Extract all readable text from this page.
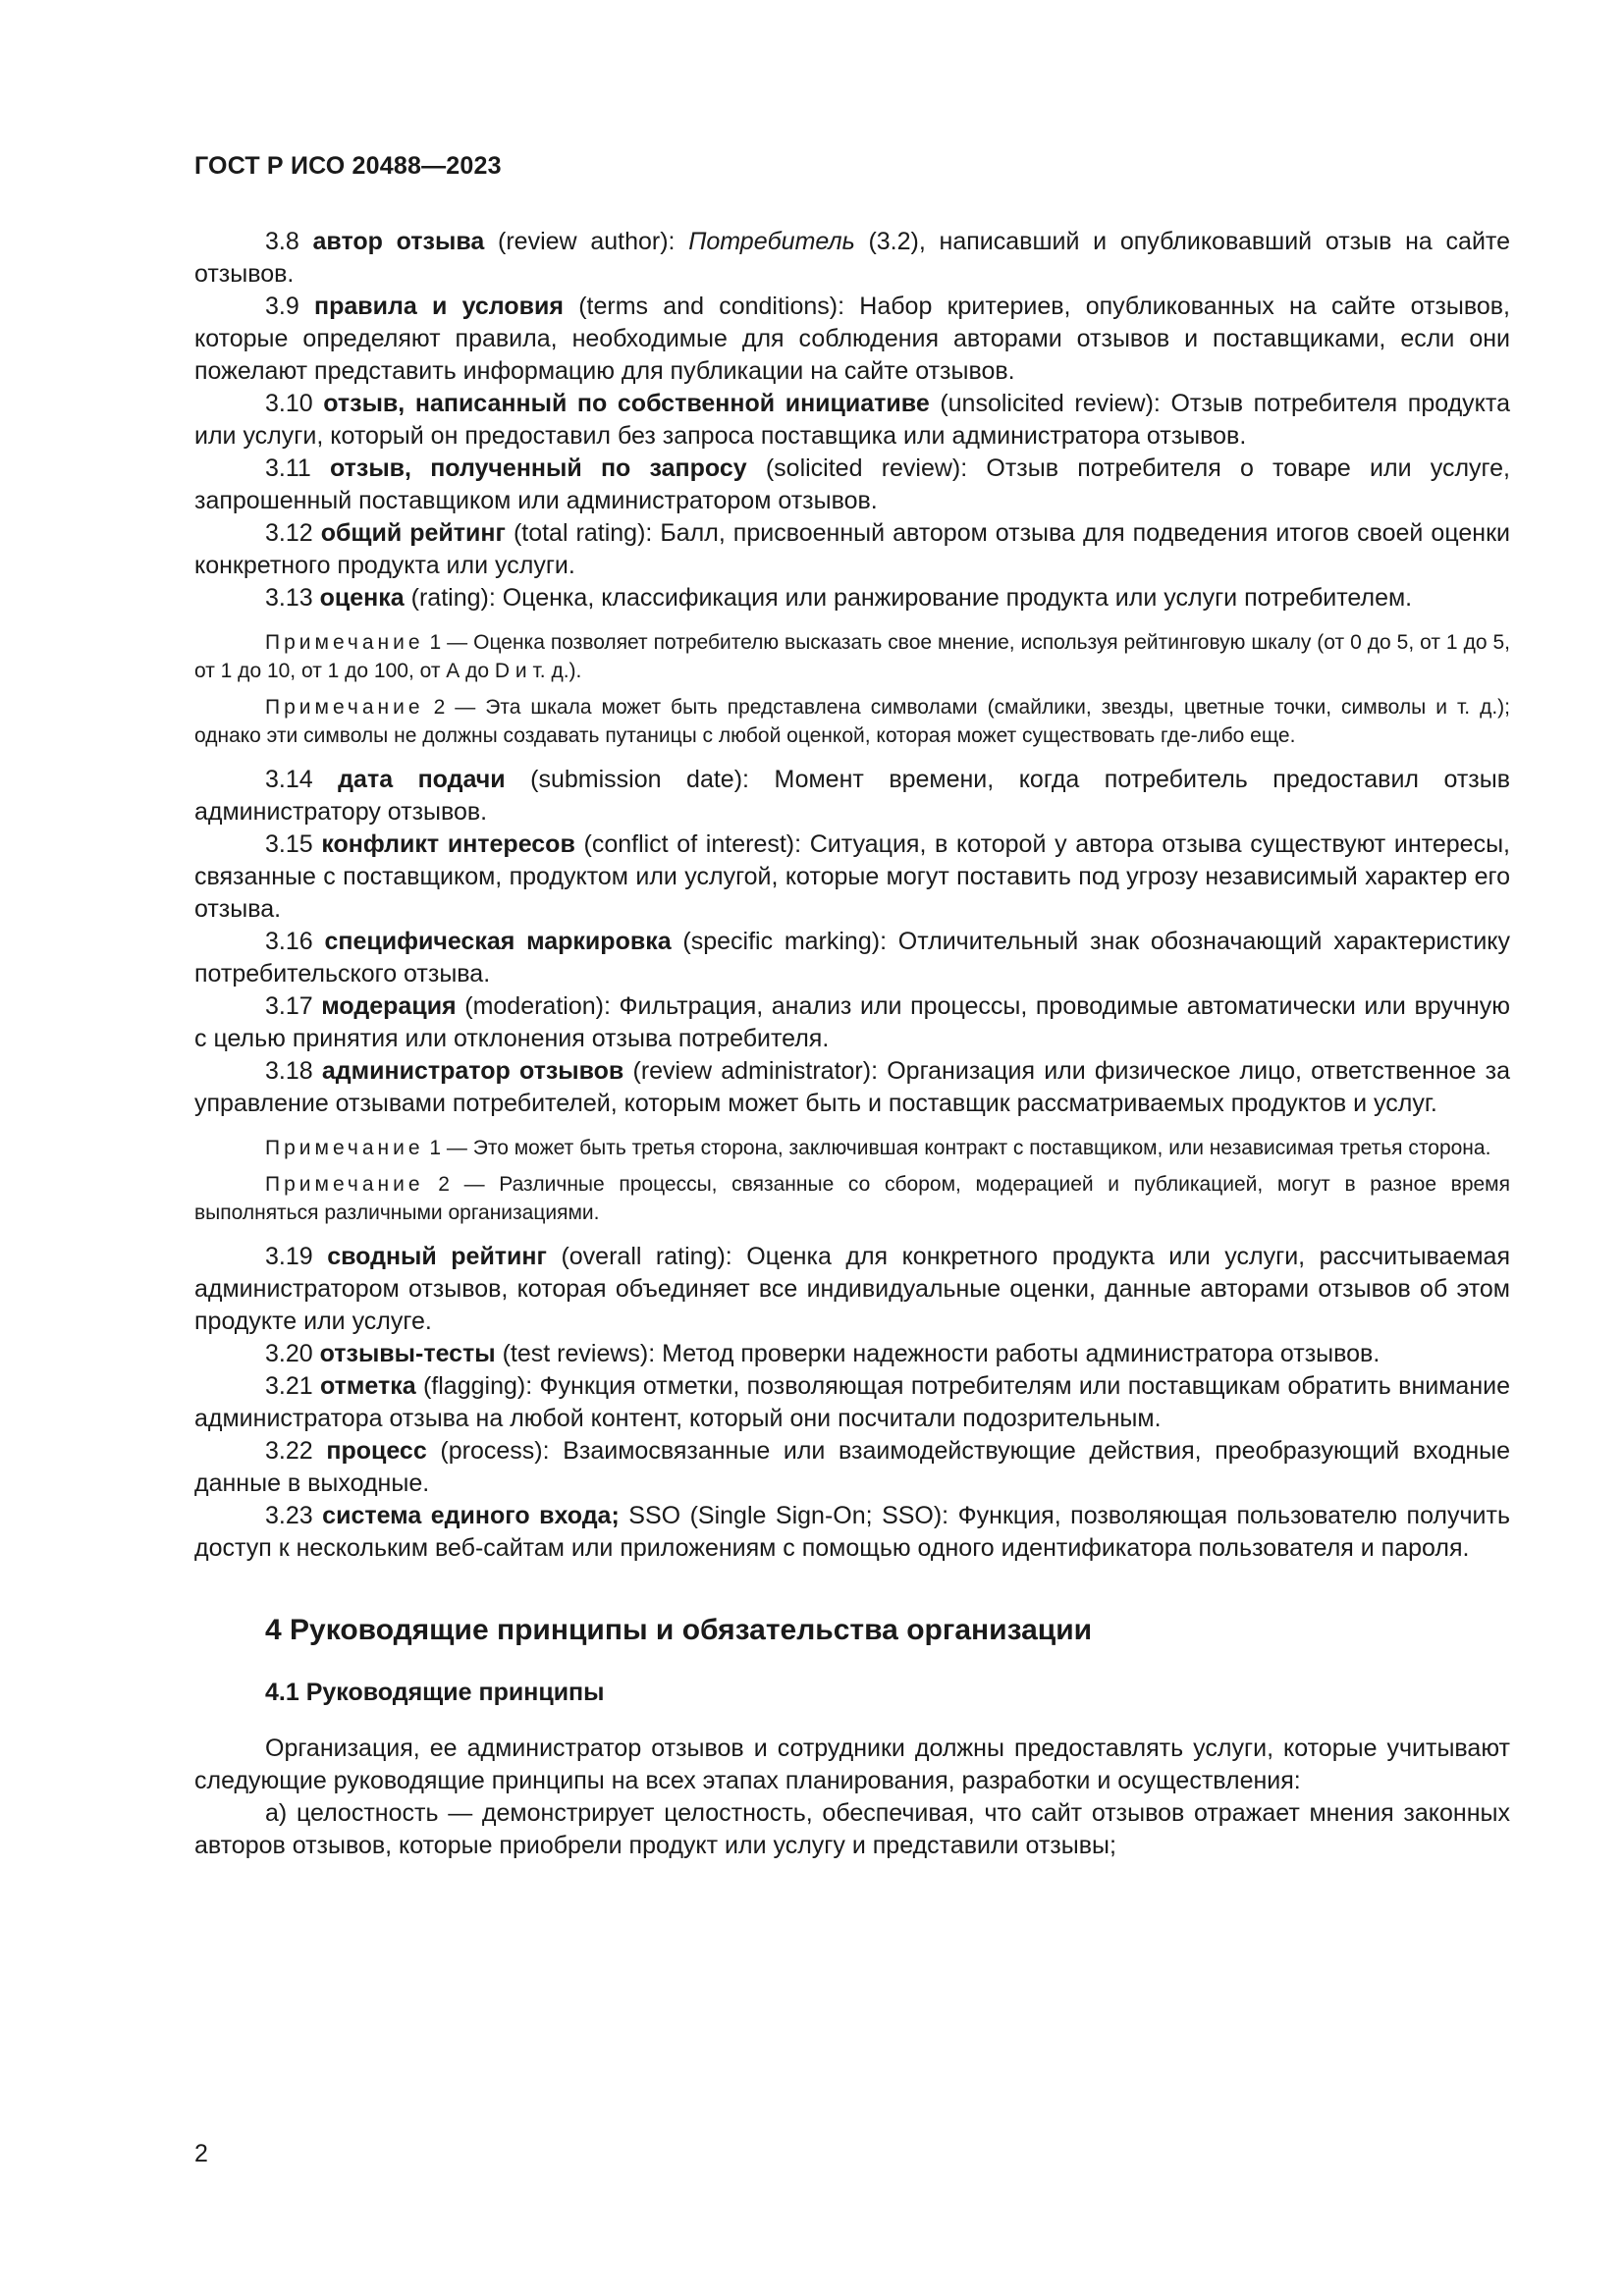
ГОСТ Р ИСО 20488—2023

3.8 автор отзыва (review author): Потребитель (3.2), написавший и опубликовавший отзыв на сайте отзывов.

3.9 правила и условия (terms and conditions): Набор критериев, опубликованных на сайте отзывов, которые определяют правила, необходимые для соблюдения авторами отзывов и поставщиками, если они пожелают представить информацию для публикации на сайте отзывов.

3.10 отзыв, написанный по собственной инициативе (unsolicited review): Отзыв потребителя продукта или услуги, который он предоставил без запроса поставщика или администратора отзывов.

3.11 отзыв, полученный по запросу (solicited review): Отзыв потребителя о товаре или услуге, запрошенный поставщиком или администратором отзывов.

3.12 общий рейтинг (total rating): Балл, присвоенный автором отзыва для подведения итогов своей оценки конкретного продукта или услуги.

3.13 оценка (rating): Оценка, классификация или ранжирование продукта или услуги потребителем.

Примечание 1 — Оценка позволяет потребителю высказать свое мнение, используя рейтинговую шкалу (от 0 до 5, от 1 до 5, от 1 до 10, от 1 до 100, от А до D и т. д.).

Примечание 2 — Эта шкала может быть представлена символами (смайлики, звезды, цветные точки, символы и т. д.); однако эти символы не должны создавать путаницы с любой оценкой, которая может существовать где-либо еще.

3.14 дата подачи (submission date): Момент времени, когда потребитель предоставил отзыв администратору отзывов.

3.15 конфликт интересов (conflict of interest): Ситуация, в которой у автора отзыва существуют интересы, связанные с поставщиком, продуктом или услугой, которые могут поставить под угрозу независимый характер его отзыва.

3.16 специфическая маркировка (specific marking): Отличительный знак обозначающий характеристику потребительского отзыва.

3.17 модерация (moderation): Фильтрация, анализ или процессы, проводимые автоматически или вручную с целью принятия или отклонения отзыва потребителя.

3.18 администратор отзывов (review administrator): Организация или физическое лицо, ответственное за управление отзывами потребителей, которым может быть и поставщик рассматриваемых продуктов и услуг.

Примечание 1 — Это может быть третья сторона, заключившая контракт с поставщиком, или независимая третья сторона.

Примечание 2 — Различные процессы, связанные со сбором, модерацией и публикацией, могут в разное время выполняться различными организациями.

3.19 сводный рейтинг (overall rating): Оценка для конкретного продукта или услуги, рассчитываемая администратором отзывов, которая объединяет все индивидуальные оценки, данные авторами отзывов об этом продукте или услуге.

3.20 отзывы-тесты (test reviews): Метод проверки надежности работы администратора отзывов.

3.21 отметка (flagging): Функция отметки, позволяющая потребителям или поставщикам обратить внимание администратора отзыва на любой контент, который они посчитали подозрительным.

3.22 процесс (process): Взаимосвязанные или взаимодействующие действия, преобразующий входные данные в выходные.

3.23 система единого входа; SSO (Single Sign-On; SSO): Функция, позволяющая пользователю получить доступ к нескольким веб-сайтам или приложениям с помощью одного идентификатора пользователя и пароля.

4 Руководящие принципы и обязательства организации
4.1 Руководящие принципы

Организация, ее администратор отзывов и сотрудники должны предоставлять услуги, которые учитывают следующие руководящие принципы на всех этапах планирования, разработки и осуществления:

а) целостность — демонстрирует целостность, обеспечивая, что сайт отзывов отражает мнения законных авторов отзывов, которые приобрели продукт или услугу и представили отзывы;

2
